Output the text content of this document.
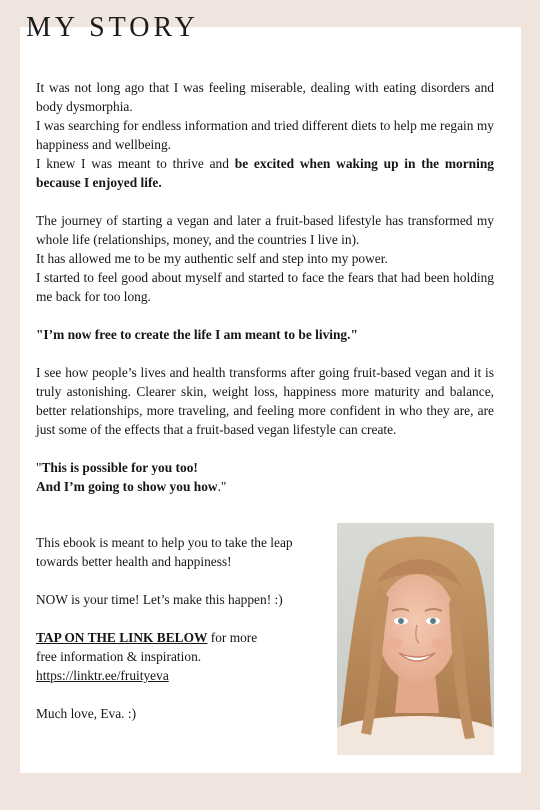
MY STORY

It was not long ago that I was feeling miserable, dealing with eating disorders and body dysmorphia.
I was searching for endless information and tried different diets to help me regain my happiness and wellbeing.
I knew I was meant to thrive and be excited when waking up in the morning because I enjoyed life.

The journey of starting a vegan and later a fruit-based lifestyle has transformed my whole life (relationships, money, and the countries I live in).
It has allowed me to be my authentic self and step into my power.
I started to feel good about myself and started to face the fears that had been holding me back for too long.

"I’m now free to create the life I am meant to be living."

I see how people’s lives and health transforms after going fruit-based vegan and it is truly astonishing. Clearer skin, weight loss, happiness more maturity and balance, better relationships, more traveling, and feeling more confident in who they are, are just some of the effects that a fruit-based vegan lifestyle can create.

"This is possible for you too!
And I’m going to show you how."

This ebook is meant to help you to take the leap towards better health and happiness!

NOW is your time! Let’s make this happen! :)

TAP ON THE LINK BELOW for more
free information & inspiration.
https://linktr.ee/fruityeva

Much love, Eva. :)
